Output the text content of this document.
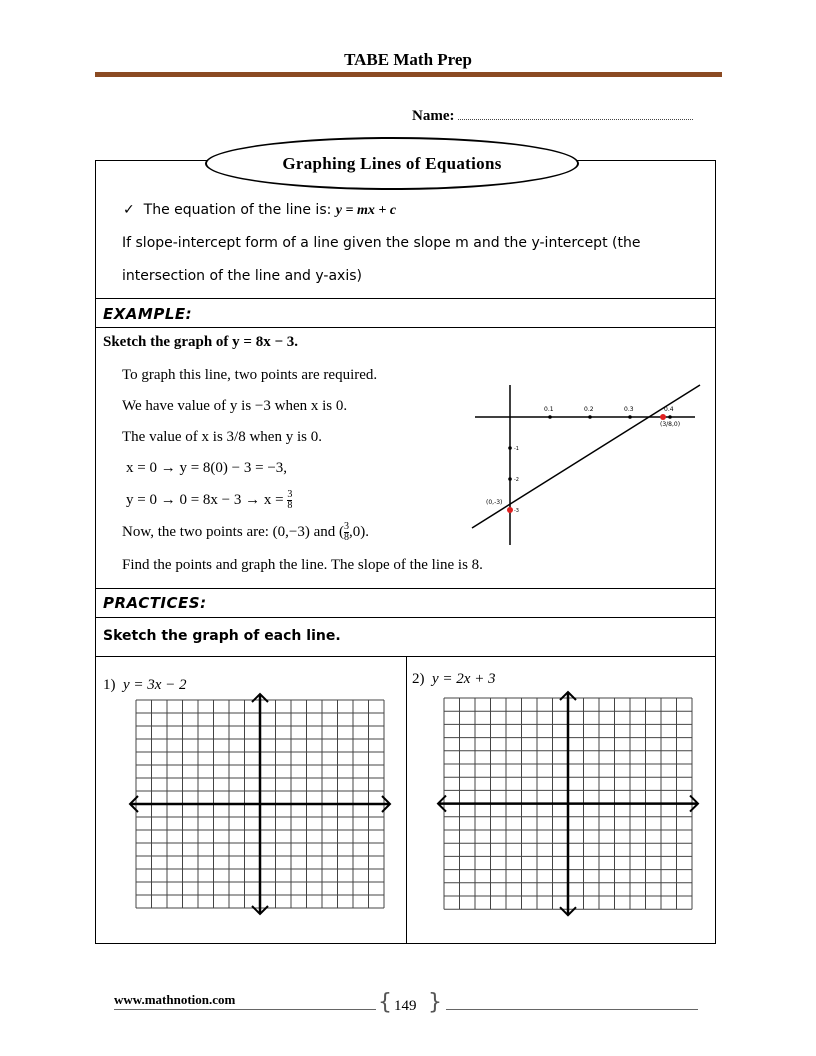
TABE Math Prep
Name:
Graphing Lines of Equations
✓ The equation of the line is: y = mx + c
If slope-intercept form of a line given the slope m and the y-intercept (the
intersection of the line and y-axis)
EXAMPLE:
Sketch the graph of y = 8x − 3.
To graph this line, two points are required.
We have value of y is −3 when x is 0.
The value of x is 3/8 when y is 0.
x = 0 → y = 8(0) − 3 = −3,
$y = 0 \to 0 = 8x - 3 \to x = \frac{3}{8}$
Now, the two points are: (0,−3) and ( $\frac{3}{8} ,0$).
Find the points and graph the line. The slope of the line is 8.
0.1	0.2	0.3	0.4
-1
-2
-3
(0,-3)
(3/8,0)
PRACTICES:
Sketch the graph of each line.
1) y = 3x − 2	2) y = 2x + 3
www.mathnotion.com	{ 149 }
